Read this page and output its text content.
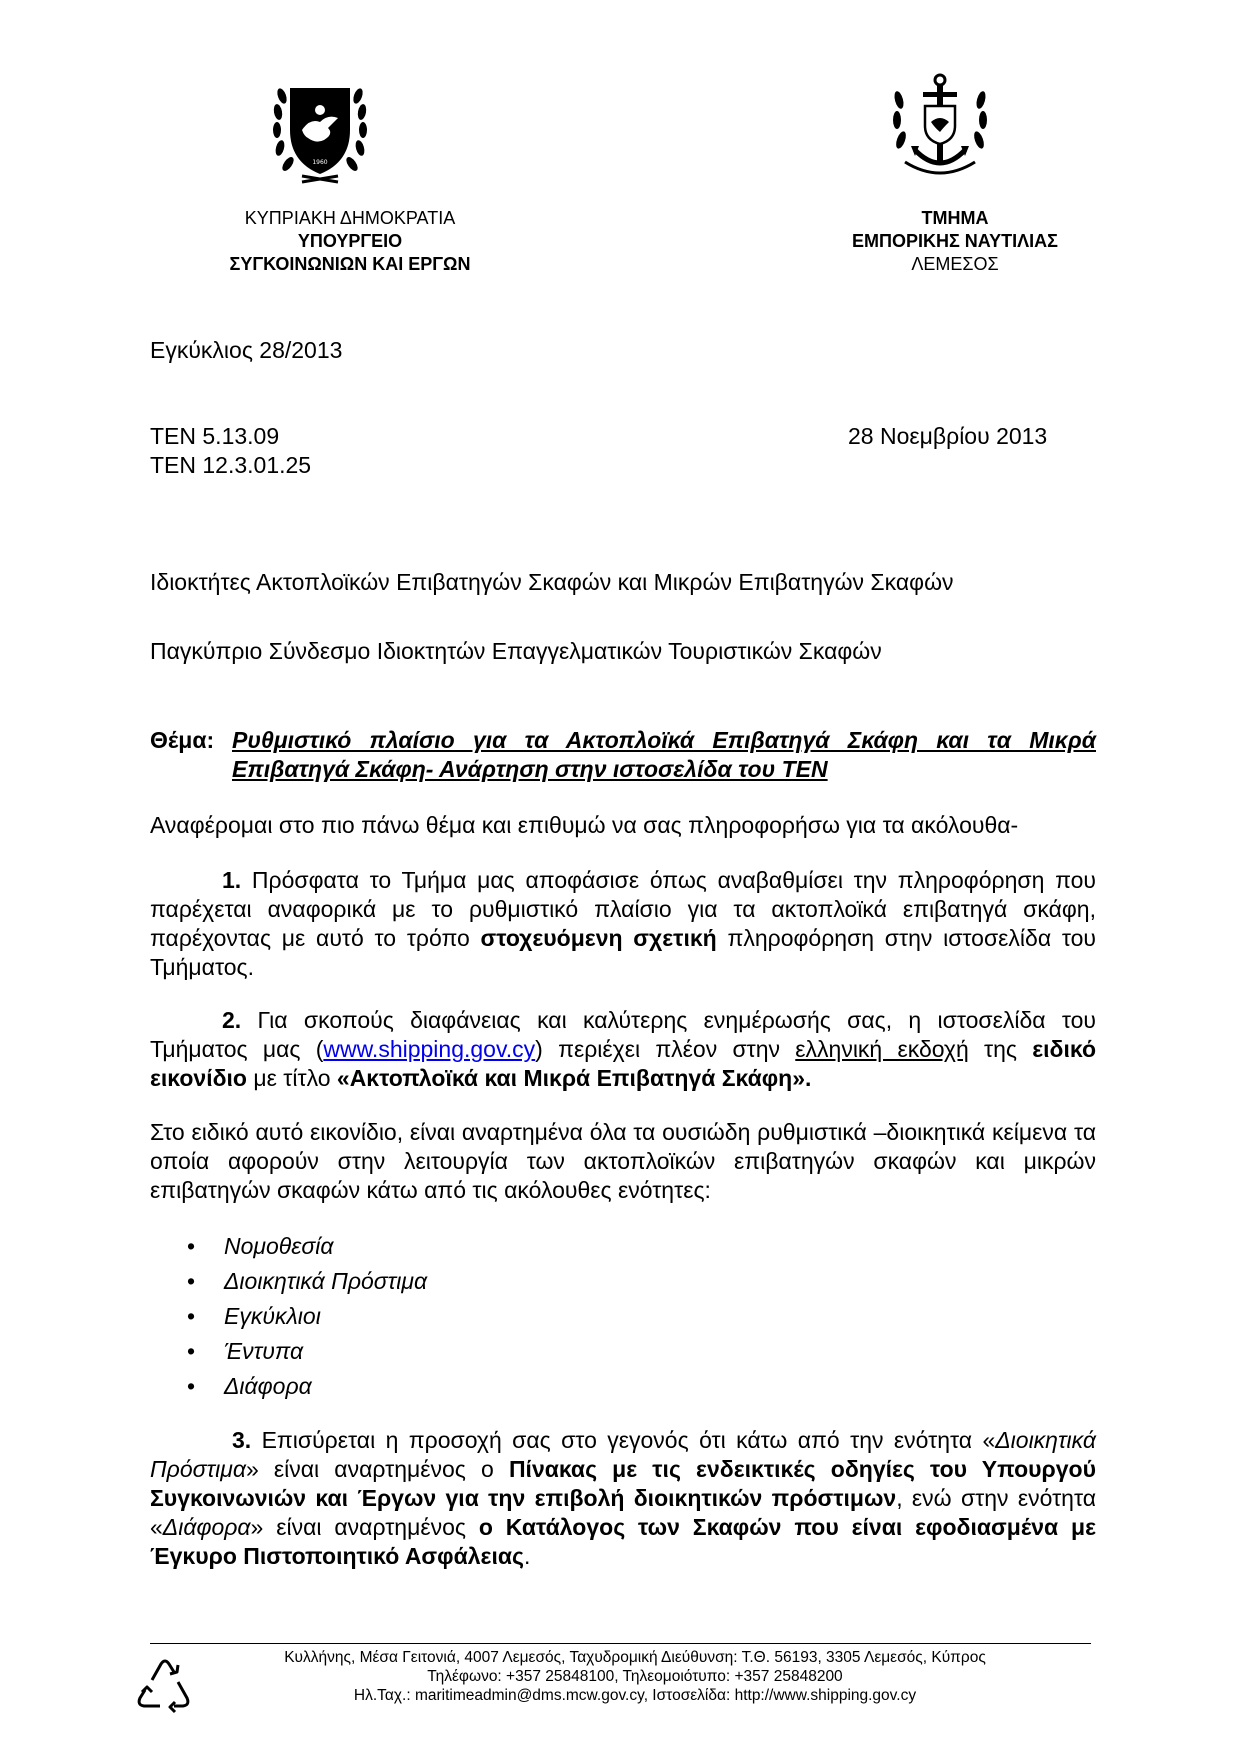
1960
ΚΥΠΡΙΑΚΗ ΔΗΜΟΚΡΑΤΙΑ
ΥΠΟΥΡΓΕΙΟ
ΣΥΓΚΟΙΝΩΝΙΩΝ ΚΑΙ ΕΡΓΩΝ
ΤΜΗΜΑ
ΕΜΠΟΡΙΚΗΣ ΝΑΥΤΙΛΙΑΣ
ΛΕΜΕΣΟΣ
Εγκύκλιος 28/2013
ΤΕΝ 5.13.09
ΤΕΝ 12.3.01.25
28 Νοεμβρίου 2013
Ιδιοκτήτες Ακτοπλοϊκών Επιβατηγών Σκαφών και Μικρών Επιβατηγών Σκαφών
Παγκύπριο Σύνδεσμο Ιδιοκτητών Επαγγελματικών Τουριστικών Σκαφών
Θέμα: Ρυθμιστικό πλαίσιο για τα Ακτοπλοϊκά Επιβατηγά Σκάφη και τα Μικρά
Επιβατηγά Σκάφη- Ανάρτηση στην ιστοσελίδα του ΤΕΝ
Αναφέρομαι στο πιο πάνω θέμα και επιθυμώ να σας πληροφορήσω για τα ακόλουθα-
1. Πρόσφατα το Τμήμα μας αποφάσισε όπως αναβαθμίσει την πληροφόρηση που παρέχεται αναφορικά με το ρυθμιστικό πλαίσιο για τα ακτοπλοϊκά επιβατηγά σκάφη, παρέχοντας με αυτό το τρόπο στοχευόμενη σχετική πληροφόρηση στην ιστοσελίδα του Τμήματος.
2. Για σκοπούς διαφάνειας και καλύτερης ενημέρωσής σας, η ιστοσελίδα του Τμήματος μας (www.shipping.gov.cy) περιέχει πλέον στην ελληνική εκδοχή της ειδικό εικονίδιο με τίτλο «Ακτοπλοϊκά και Μικρά Επιβατηγά Σκάφη».
Στο ειδικό αυτό εικονίδιο, είναι αναρτημένα όλα τα ουσιώδη ρυθμιστικά –διοικητικά κείμενα τα οποία αφορούν στην λειτουργία των ακτοπλοϊκών επιβατηγών σκαφών και μικρών επιβατηγών σκαφών κάτω από τις ακόλουθες ενότητες:
• Νομοθεσία
• Διοικητικά Πρόστιμα
• Εγκύκλιοι
• Έντυπα
• Διάφορα
3. Επισύρεται η προσοχή σας στο γεγονός ότι κάτω από την ενότητα «Διοικητικά Πρόστιμα» είναι αναρτημένος ο Πίνακας με τις ενδεικτικές οδηγίες του Υπουργού Συγκοινωνιών και Έργων για την επιβολή διοικητικών πρόστιμων, ενώ στην ενότητα «Διάφορα» είναι αναρτημένος ο Κατάλογος των Σκαφών που είναι εφοδιασμένα με Έγκυρο Πιστοποιητικό Ασφάλειας.
Κυλλήνης, Μέσα Γειτονιά, 4007 Λεμεσός, Ταχυδρομική Διεύθυνση: Τ.Θ. 56193, 3305 Λεμεσός, Κύπρος
Τηλέφωνο: +357 25848100, Τηλεομοιότυπο: +357 25848200
Ηλ.Ταχ.: maritimeadmin@dms.mcw.gov.cy, Ιστοσελίδα: http://www.shipping.gov.cy
